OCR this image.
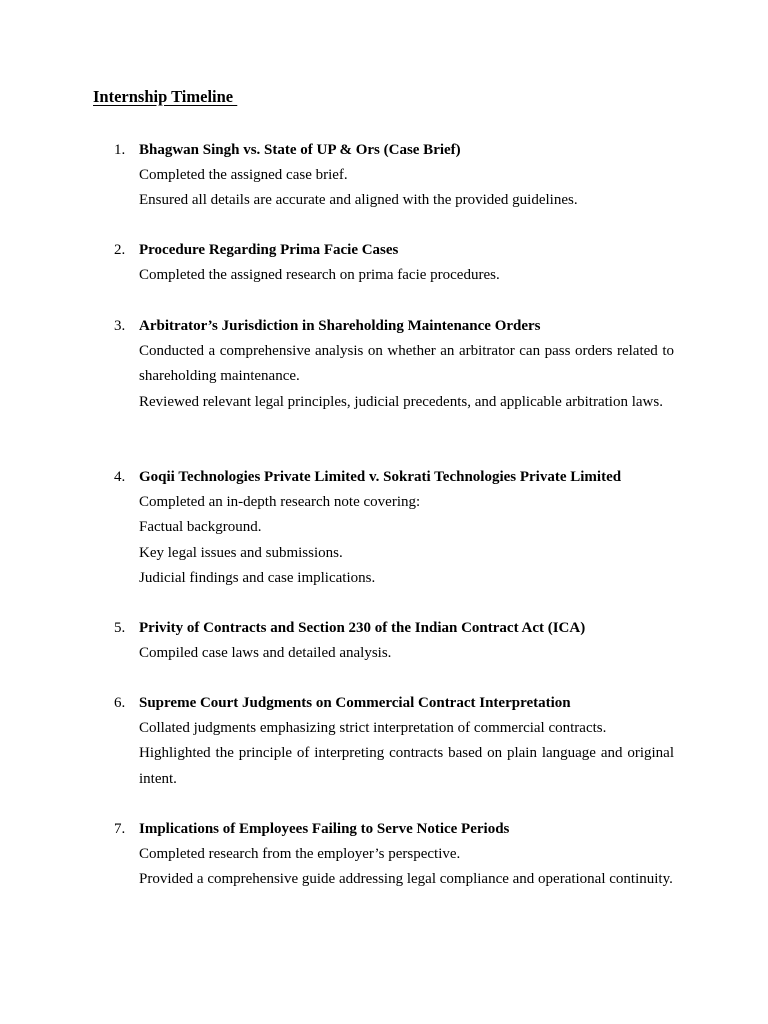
Internship Timeline
1. Bhagwan Singh vs. State of UP & Ors (Case Brief)

Completed the assigned case brief.

Ensured all details are accurate and aligned with the provided guidelines.

2. Procedure Regarding Prima Facie Cases

Completed the assigned research on prima facie procedures.

3. Arbitrator’s Jurisdiction in Shareholding Maintenance Orders

Conducted a comprehensive analysis on whether an arbitrator can pass orders related to shareholding maintenance.

Reviewed relevant legal principles, judicial precedents, and applicable arbitration laws.

4. Goqii Technologies Private Limited v. Sokrati Technologies Private Limited

Completed an in-depth research note covering:

Factual background.

Key legal issues and submissions.

Judicial findings and case implications.

5. Privity of Contracts and Section 230 of the Indian Contract Act (ICA)

Compiled case laws and detailed analysis.

6. Supreme Court Judgments on Commercial Contract Interpretation

Collated judgments emphasizing strict interpretation of commercial contracts.

Highlighted the principle of interpreting contracts based on plain language and original intent.

7. Implications of Employees Failing to Serve Notice Periods

Completed research from the employer’s perspective.

Provided a comprehensive guide addressing legal compliance and operational continuity.
